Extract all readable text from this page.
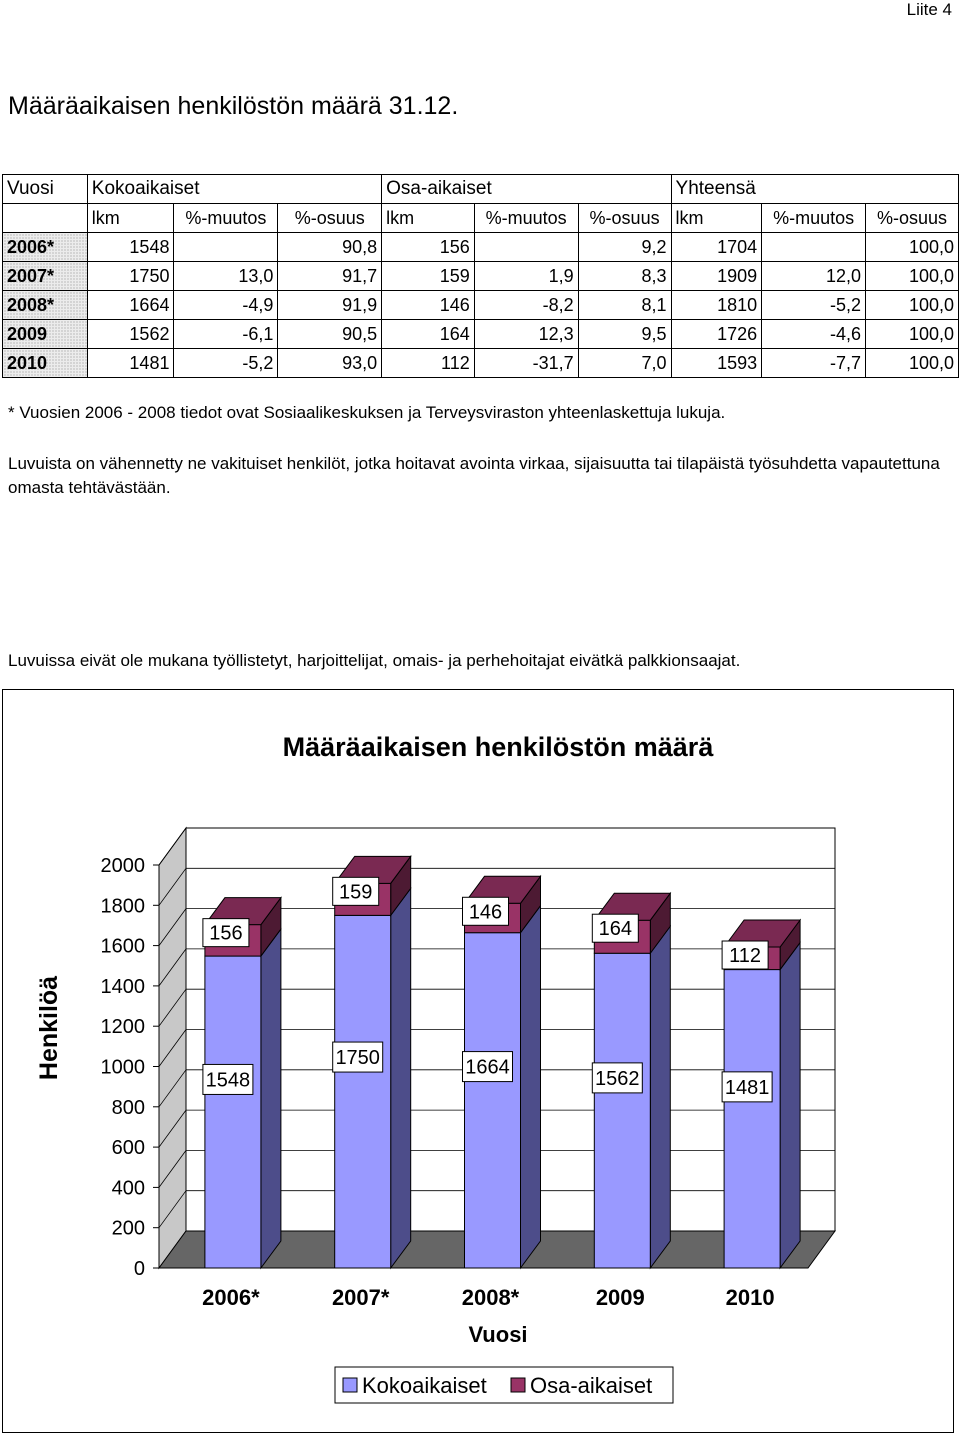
Liite 4
Määräaikaisen henkilöstön määrä 31.12.
Vuosi	Kokoaikaiset			Osa-aikaiset			Yhteensä		
	lkm	%-muutos	%-osuus	lkm	%-muutos	%-osuus	lkm	%-muutos	%-osuus
2006*	1548		90,8	156		9,2	1704		100,0
2007*	1750	13,0	91,7	159	1,9	8,3	1909	12,0	100,0
2008*	1664	-4,9	91,9	146	-8,2	8,1	1810	-5,2	100,0
2009	1562	-6,1	90,5	164	12,3	9,5	1726	-4,6	100,0
2010	1481	-5,2	93,0	112	-31,7	7,0	1593	-7,7	100,0
* Vuosien 2006 - 2008 tiedot ovat Sosiaalikeskuksen ja Terveysviraston yhteenlaskettuja lukuja.
Luvuista on vähennetty ne vakituiset henkilöt, jotka hoitavat avointa virkaa, sijaisuutta tai tilapäistä työsuhdetta vapautettuna omasta tehtävästään.
Luvuissa eivät ole mukana työllistetyt, harjoittelijat, omais- ja perhehoitajat eivätkä palkkionsaajat.
Määräaikaisen henkilöstön määrä
0
200
400
600
800
1000
1200
1400
1600
1800
2000
Henkilöä
1548
156
2006*
1750
159
2007*
1664
146
2008*
1562
164
2009
1481
112
2010
Vuosi
Kokoaikaiset Osa-aikaiset
